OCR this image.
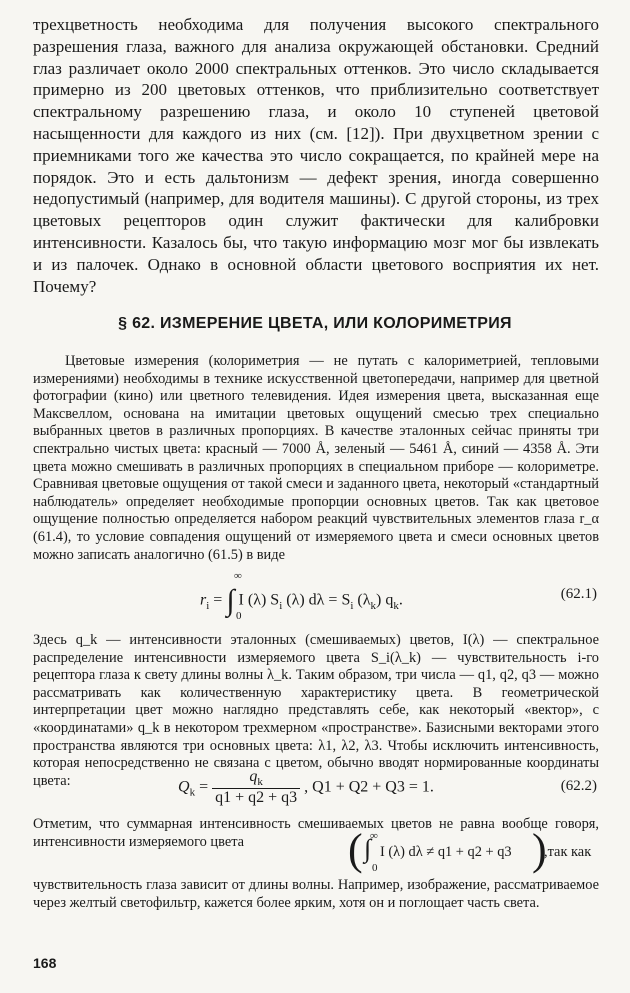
трехцветность необходима для получения высокого спектрального разрешения глаза, важного для анализа окружающей обстановки. Средний глаз различает около 2000 спектральных оттенков. Это число складывается примерно из 200 цветовых оттенков, что приблизительно соответствует спектральному разрешению глаза, и около 10 ступеней цветовой насыщенности для каждого из них (см. [12]). При двухцветном зрении с приемниками того же качества это число сокращается, по крайней мере на порядок. Это и есть дальтонизм — дефект зрения, иногда совершенно недопустимый (например, для водителя машины). С другой стороны, из трех цветовых рецепторов один служит фактически для калибровки интенсивности. Казалось бы, что такую информацию мозг мог бы извлекать и из палочек. Однако в основной области цветового восприятия их нет. Почему?

§ 62. ИЗМЕРЕНИЕ ЦВЕТА, ИЛИ КОЛОРИМЕТРИЯ

Цветовые измерения (колориметрия — не путать с калориметрией, тепловыми измерениями) необходимы в технике искусственной цветопередачи, например для цветной фотографии (кино) или цветного телевидения. Идея измерения цвета, высказанная еще Максвеллом, основана на имитации цветовых ощущений смесью трех специально выбранных цветов в различных пропорциях. В качестве эталонных сейчас приняты три спектрально чистых цвета: красный — 7000 Å, зеленый — 5461 Å, синий — 4358 Å. Эти цвета можно смешивать в различных пропорциях в специальном приборе — колориметре. Сравнивая цветовые ощущения от такой смеси и заданного цвета, некоторый «стандартный наблюдатель» определяет необходимые пропорции основных цветов. Так как цветовое ощущение полностью определяется набором реакций чувствительных элементов глаза r_α (61.4), то условие совпадения ощущений от измеряемого цвета и смеси основных цветов можно записать аналогично (61.5) в виде

$r_i$ = ∫ I (λ) $S_i$ (λ) $d\lambda = S_i$ $(\lambda_k)$ $q_k$.
∞
0
(62.1)

Здесь q_k — интенсивности эталонных (смешиваемых) цветов, I(λ) — спектральное распределение интенсивности измеряемого цвета S_i(λ_k) — чувствительность i-го рецептора глаза к свету длины волны λ_k. Таким образом, три числа — q1, q2, q3 — можно рассматривать как количественную характеристику цвета. В геометрической интерпретации цвет можно наглядно представлять себе, как некоторый «вектор», с «координатами» q_k в некотором трехмерном «пространстве». Базисными векторами этого пространства являются три основных цвета: λ1, λ2, λ3. Чтобы исключить интенсивность, которая непосредственно не связана с цветом, обычно вводят нормированные координаты цвета:	$Q_k = \frac{q_k}{q1 + q2 + q3}$ , Q1 + Q2 + Q3 = 1.	(62.2)

Отметим, что суммарная интенсивность смешиваемых цветов не равна вообще говоря, интенсивности измеряемого цвета	( ∞
∫
0
I (λ) dλ ≠ q1 + q2 + q3 )
,так как

чувствительность глаза зависит от длины волны. Например, изображение, рассматриваемое через желтый светофильтр, кажется более ярким, хотя он и поглощает часть света.

168
